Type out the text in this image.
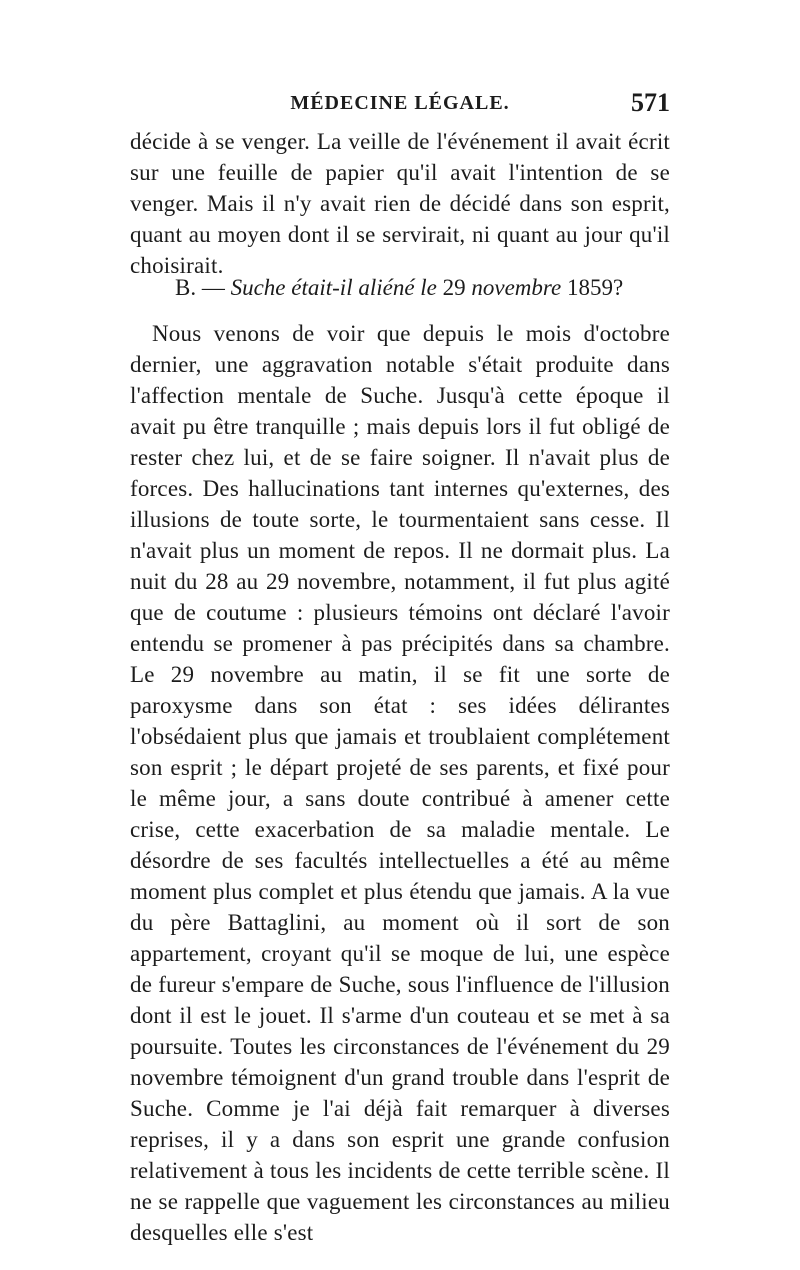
MÉDECINE LÉGALE.	571

décide à se venger. La veille de l'événement il avait écrit sur une feuille de papier qu'il avait l'intention de se venger. Mais il n'y avait rien de décidé dans son esprit, quant au moyen dont il se servirait, ni quant au jour qu'il choisirait.

B. — Suche était-il aliéné le 29 novembre 1859?

Nous venons de voir que depuis le mois d'octobre dernier, une aggravation notable s'était produite dans l'affection mentale de Suche. Jusqu'à cette époque il avait pu être tranquille ; mais depuis lors il fut obligé de rester chez lui, et de se faire soigner. Il n'avait plus de forces. Des hallucinations tant internes qu'externes, des illusions de toute sorte, le tourmentaient sans cesse. Il n'avait plus un moment de repos. Il ne dormait plus. La nuit du 28 au 29 novembre, notamment, il fut plus agité que de coutume : plusieurs témoins ont déclaré l'avoir entendu se promener à pas précipités dans sa chambre. Le 29 novembre au matin, il se fit une sorte de paroxysme dans son état : ses idées délirantes l'obsédaient plus que jamais et troublaient complétement son esprit ; le départ projeté de ses parents, et fixé pour le même jour, a sans doute contribué à amener cette crise, cette exacerbation de sa maladie mentale. Le désordre de ses facultés intellectuelles a été au même moment plus complet et plus étendu que jamais. A la vue du père Battaglini, au moment où il sort de son appartement, croyant qu'il se moque de lui, une espèce de fureur s'empare de Suche, sous l'influence de l'illusion dont il est le jouet. Il s'arme d'un couteau et se met à sa poursuite. Toutes les circonstances de l'événement du 29 novembre témoignent d'un grand trouble dans l'esprit de Suche. Comme je l'ai déjà fait remarquer à diverses reprises, il y a dans son esprit une grande confusion relativement à tous les incidents de cette terrible scène. Il ne se rappelle que vaguement les circonstances au milieu desquelles elle s'est
